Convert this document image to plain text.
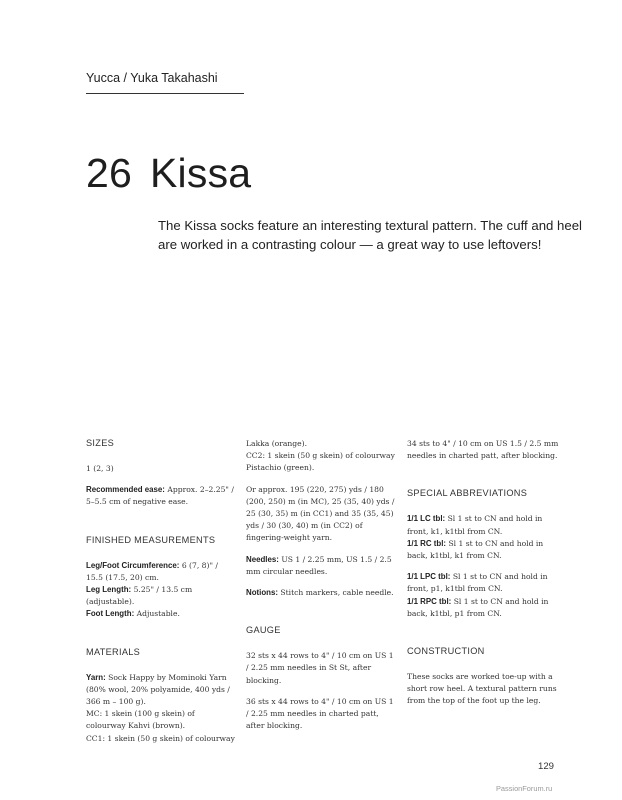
Yucca / Yuka Takahashi
26 Kissa
The Kissa socks feature an interesting textural pattern. The cuff and heel are worked in a contrasting colour — a great way to use leftovers!
SIZES
1 (2, 3)
Recommended ease: Approx. 2–2.25" / 5–5.5 cm of negative ease.
FINISHED MEASUREMENTS
Leg/Foot Circumference: 6 (7, 8)" / 15.5 (17.5, 20) cm.
Leg Length: 5.25" / 13.5 cm (adjustable).
Foot Length: Adjustable.
MATERIALS
Yarn: Sock Happy by Mominoki Yarn (80% wool, 20% polyamide, 400 yds / 366 m – 100 g).
MC: 1 skein (100 g skein) of colourway Kahvi (brown).
CC1: 1 skein (50 g skein) of colourway
Lakka (orange).
CC2: 1 skein (50 g skein) of colourway Pistachio (green).
Or approx. 195 (220, 275) yds / 180 (200, 250) m (in MC), 25 (35, 40) yds / 25 (30, 35) m (in CC1) and 35 (35, 45) yds / 30 (30, 40) m (in CC2) of fingering-weight yarn.
Needles: US 1 / 2.25 mm, US 1.5 / 2.5 mm circular needles.
Notions: Stitch markers, cable needle.
GAUGE
32 sts x 44 rows to 4" / 10 cm on US 1 / 2.25 mm needles in St St, after blocking.
36 sts x 44 rows to 4" / 10 cm on US 1 / 2.25 mm needles in charted patt, after blocking.
34 sts to 4" / 10 cm on US 1.5 / 2.5 mm needles in charted patt, after blocking.
SPECIAL ABBREVIATIONS
1/1 LC tbl: Sl 1 st to CN and hold in front, k1, k1tbl from CN.
1/1 RC tbl: Sl 1 st to CN and hold in back, k1tbl, k1 from CN.
1/1 LPC tbl: Sl 1 st to CN and hold in front, p1, k1tbl from CN.
1/1 RPC tbl: Sl 1 st to CN and hold in back, k1tbl, p1 from CN.
CONSTRUCTION
These socks are worked toe-up with a short row heel. A textural pattern runs from the top of the foot up the leg.
129
PassionForum.ru
